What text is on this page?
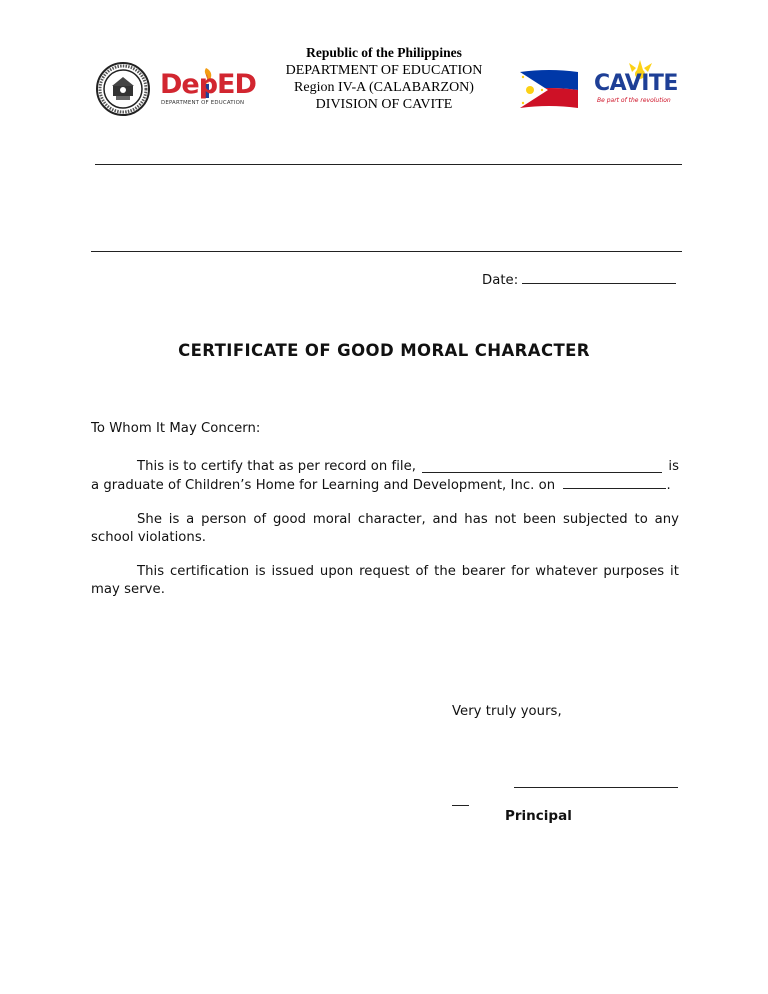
DepED
DEPARTMENT OF EDUCATION
Republic of the Philippines
DEPARTMENT OF EDUCATION
Region IV-A (CALABARZON)
DIVISION OF CAVITE
CAVITE
Be part of the revolution
Date:
CERTIFICATE OF GOOD MORAL CHARACTER
To Whom It May Concern:
This is to certify that as per record on file,	is
a graduate of Children’s Home for Learning and Development, Inc. on	.
She is a person of good moral character, and has not been subjected to any school violations.
This certification is issued upon request of the bearer for whatever purposes it may serve.
Very truly yours,
Principal
